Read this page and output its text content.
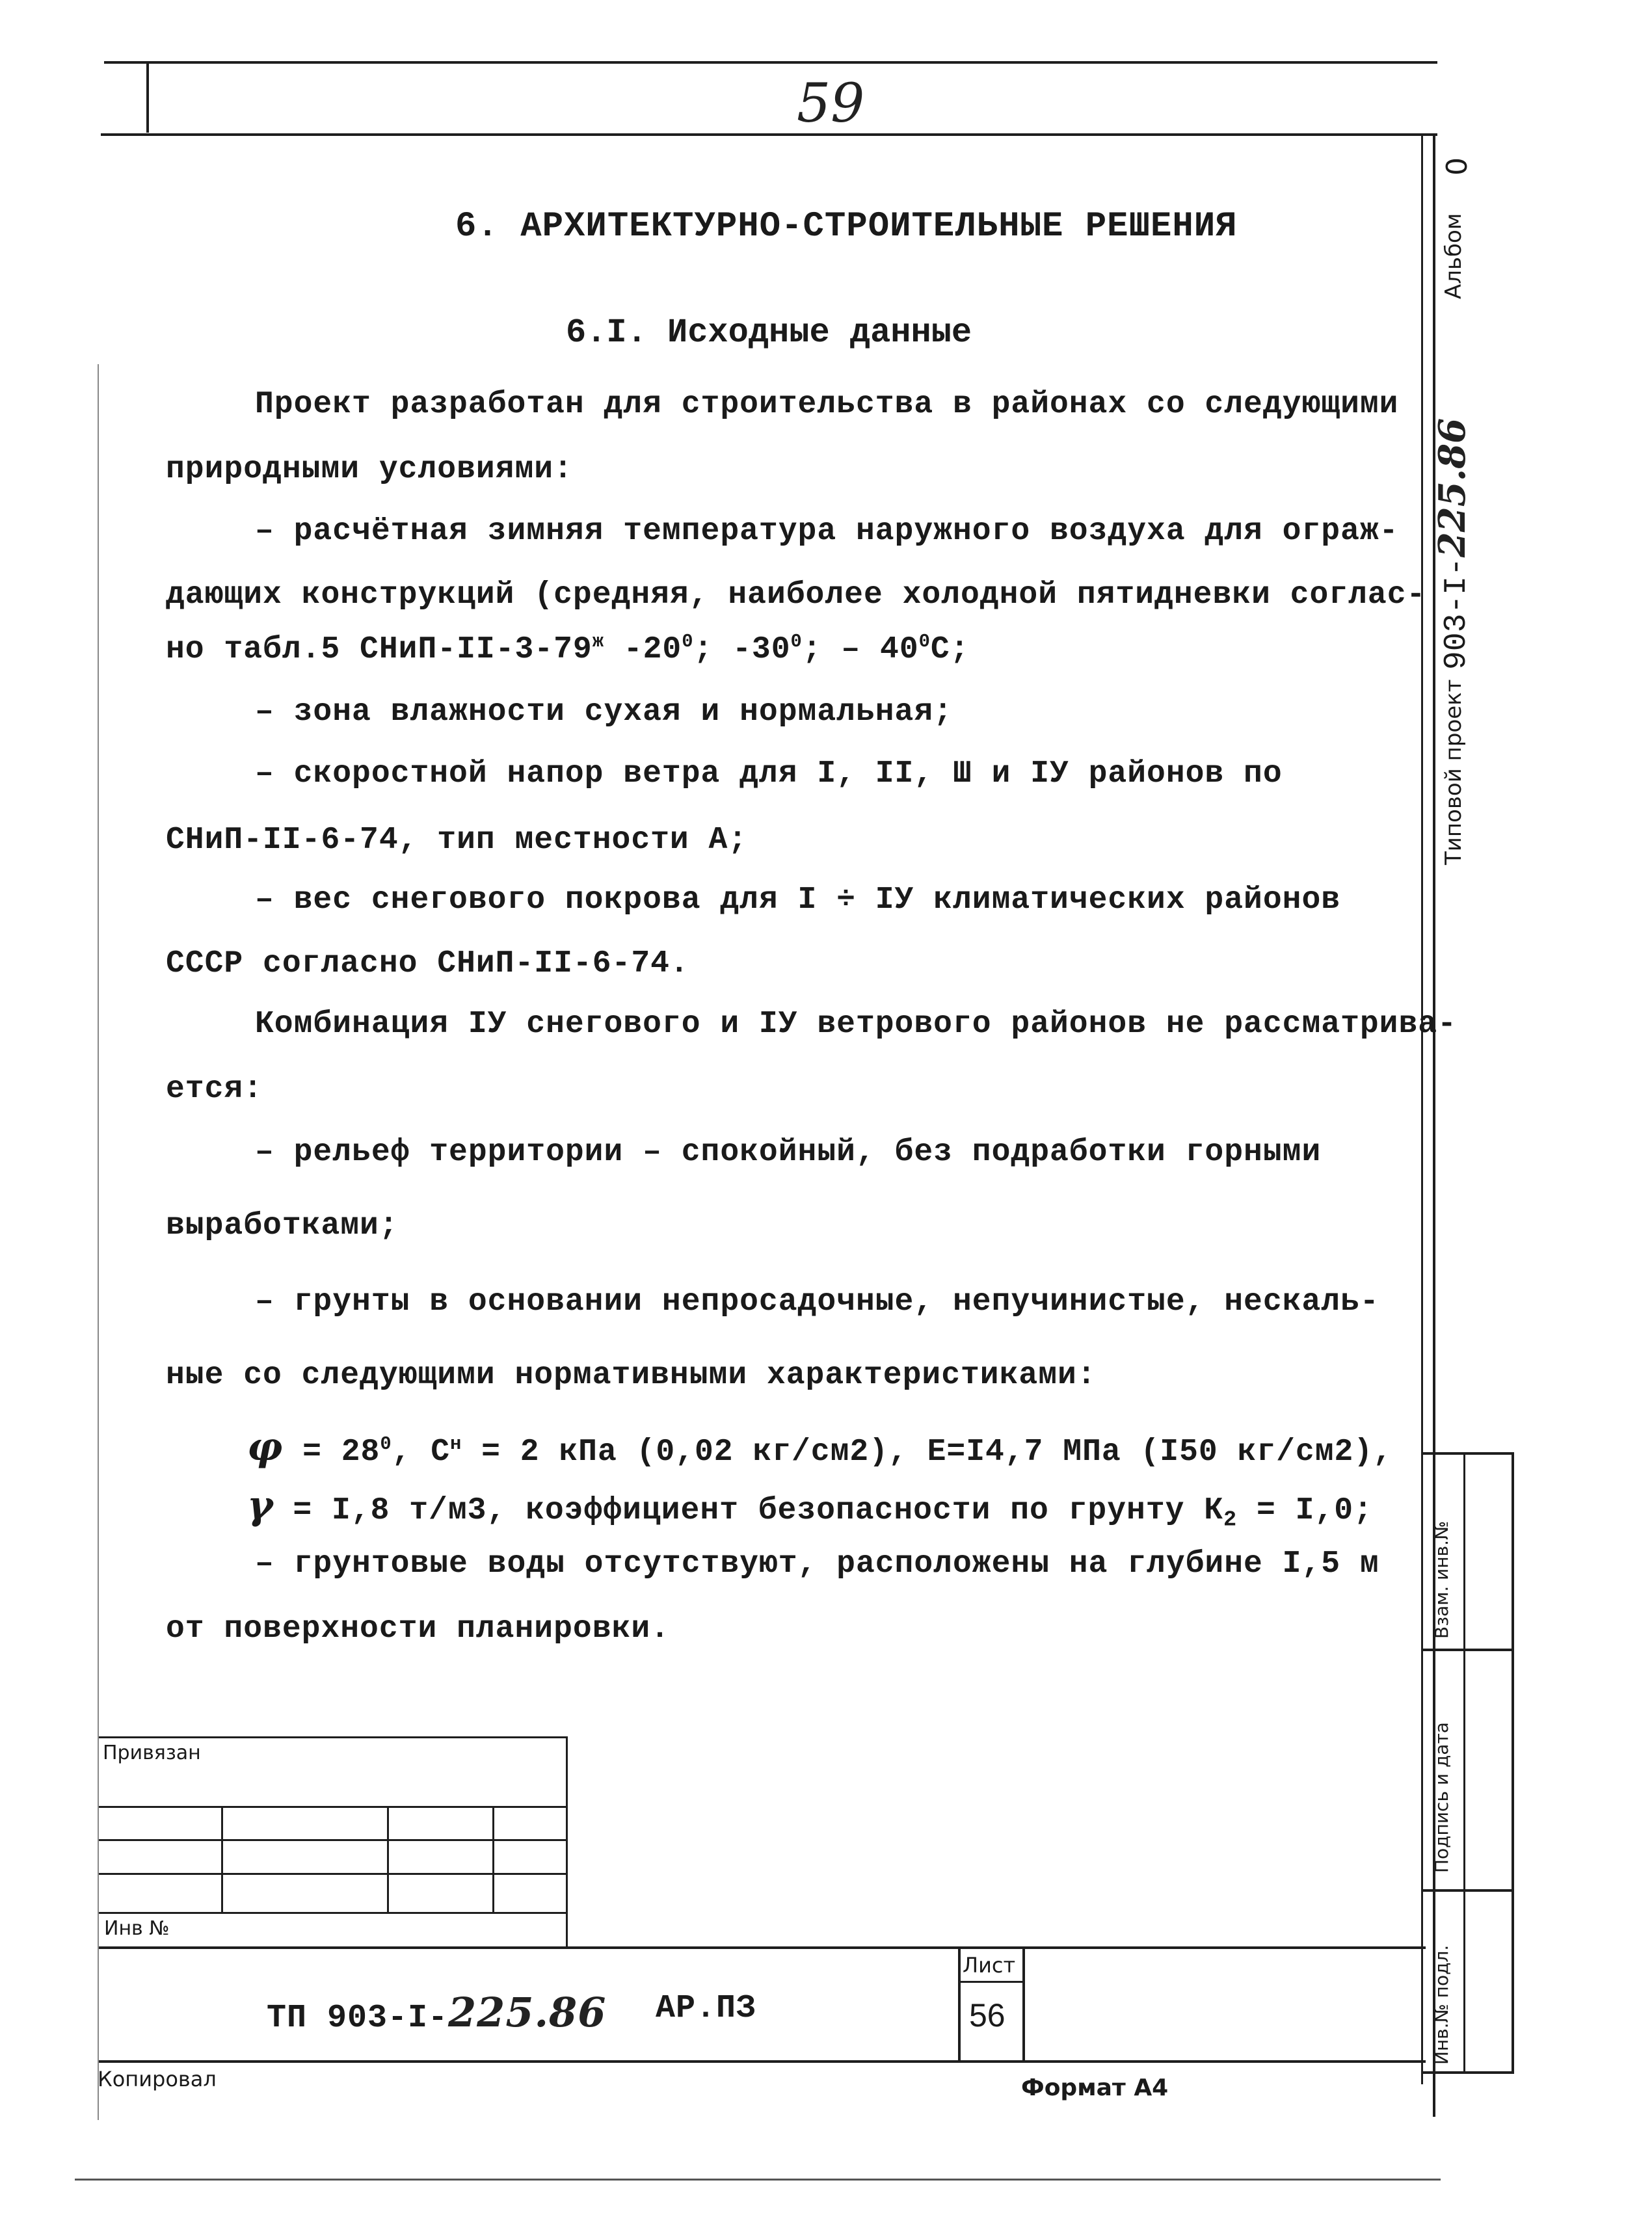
59
6. АРХИТЕКТУРНО-СТРОИТЕЛЬНЫЕ РЕШЕНИЯ
6.I. Исходные данные
Проект разработан для строительства в районах со следующими
природными условиями:
– расчётная зимняя температура наружного воздуха для ограж-
дающих конструкций (средняя, наиболее холодной пятидневки соглас-
но табл.5 СНиП-$II-3-79^ж$ $-20^0$; $-30^0$; – $40^0С$;
– зона влажности сухая и нормальная;
– скоростной напор ветра для I, II, Ш и IУ районов по
СНиП-II-6-74, тип местности А;
– вес снегового покрова для I ÷ IУ климатических районов
СССР согласно СНиП-II-6-74.
Комбинация IУ снегового и IУ ветрового районов не рассматрива-
ется:
– рельеф территории – спокойный, без подработки горными
выработками;
– грунты в основании непросадочные, непучинистые, нескаль-
ные со следующими нормативными характеристиками:
$\varphi = 28^0$, $С^н = 2$ кПа (0,02 кг/см2), Е=I4,7 МПа (I50 кг/см2),
γ = I,8 т/м3, коэффициент безопасности по грунту $К_2 = I,0$;
– грунтовые воды отсутствуют, расположены на глубине I,5 м
от поверхности планировки.
Альбом
0
Типовой проект
903-I-225.86
Взам. инв.№
Подпись и дата
Инв.№ подл.
Привязан
Инв №
ТП 903-I-225.86 АР.ПЗ
Лист
56
Копировал	Формат А4
